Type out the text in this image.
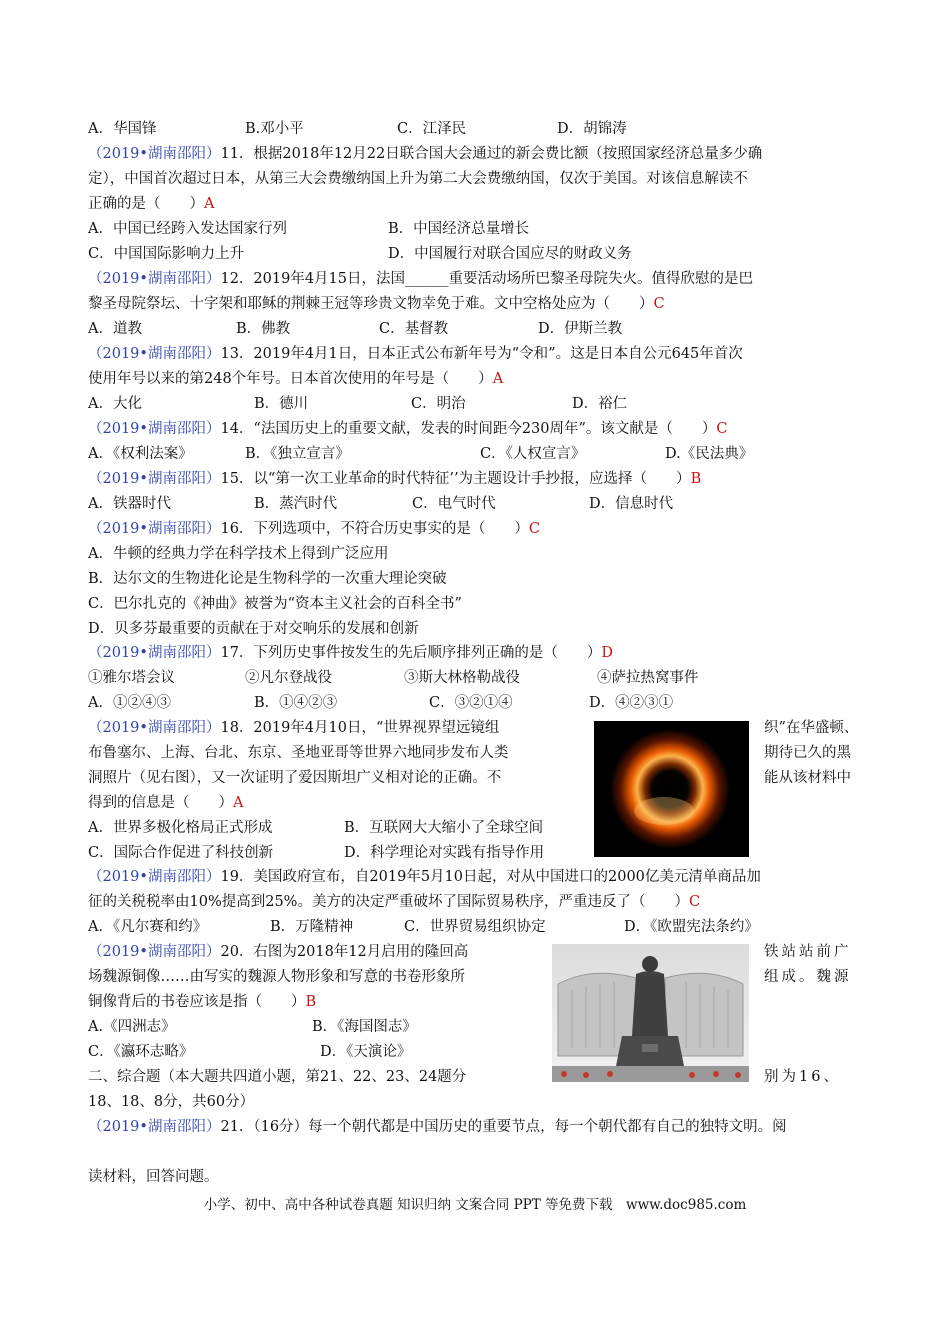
A．华国锋	B.邓小平	C．江泽民	D．胡锦涛
（2019•湖南邵阳）11．根据2018年12月22日联合国大会通过的新会费比额（按照国家经济总量多少确
定），中国首次超过日本，从第三大会费缴纳国上升为第二大会费缴纳国，仅次于美国。对该信息解读不
正确的是（　　）A
A．中国已经跨入发达国家行列	B．中国经济总量增长
C．中国国际影响力上升	D．中国履行对联合国应尽的财政义务
（2019•湖南邵阳）12．2019年4月15日，法国______重要活动场所巴黎圣母院失火。值得欣慰的是巴
黎圣母院祭坛、十字架和耶稣的荆棘王冠等珍贵文物幸免于难。文中空格处应为（　　）C
A．道教	B．佛教	C．基督教	D．伊斯兰教
（2019•湖南邵阳）13．2019年4月1日，日本正式公布新年号为“令和”。这是日本自公元645年首次
使用年号以来的第248个年号。日本首次使用的年号是（　　）A
A．大化	B．德川	C．明治	D．裕仁
（2019•湖南邵阳）14．“法国历史上的重要文献，发表的时间距今230周年”。该文献是（　　）C
A．《权利法案》	B．《独立宣言》	C．《人权宣言》	D.《民法典》
（2019•湖南邵阳）15．以“第一次工业革命的时代特征’’为主题设计手抄报，应选择（　　）B
A．铁器时代	B．蒸汽时代	C．电气时代	D．信息时代
（2019•湖南邵阳）16．下列选项中，不符合历史事实的是（　　）C
A．牛顿的经典力学在科学技术上得到广泛应用
B．达尔文的生物进化论是生物科学的一次重大理论突破
C．巴尔扎克的《神曲》被誉为“资本主义社会的百科全书”
D．贝多芬最重要的贡献在于对交响乐的发展和创新
（2019•湖南邵阳）17．下列历史事件按发生的先后顺序排列正确的是（　　）D
①雅尔塔会议	②凡尔登战役	③斯大林格勒战役	④萨拉热窝事件
A．①②④③	B．①④②③	C．③②①④	D．④②③①
（2019•湖南邵阳）18．2019年4月10日，“世界视界望远镜组	织”在华盛顿、
布鲁塞尔、上海、台北、东京、圣地亚哥等世界六地同步发布人类	期待已久的黑
洞照片（见右图），又一次证明了爱因斯坦广义相对论的正确。不	能从该材料中
得到的信息是（　　）A
A．世界多极化格局正式形成	B．互联网大大缩小了全球空间
C．国际合作促进了科技创新	D．科学理论对实践有指导作用
（2019•湖南邵阳）19．美国政府宣布，自2019年5月10日起，对从中国进口的2000亿美元清单商品加
征的关税税率由10%提高到25%。美方的决定严重破坏了国际贸易秩序，严重违反了（　　）C
A．《凡尔赛和约》	B．万隆精神	C．世界贸易组织协定	D．《欧盟宪法条约》
（2019•湖南邵阳）20．右图为2018年12月启用的隆回高	铁站站前广
场魏源铜像……由写实的魏源人物形象和写意的书卷形象所	组成。魏源
铜像背后的书卷应该是指（　　）B
A.《四洲志》	B．《海国图志》
C．《瀛环志略》	D．《天演论》
二、综合题（本大题共四道小题，第21、22、23、24题分	别为16、
18、18、8分，共60分）
（2019•湖南邵阳）21．（16分）每一个朝代都是中国历史的重要节点，每一个朝代都有自己的独特文明。阅
读材料，回答问题。
小学、初中、高中各种试卷真题 知识归纳 文案合同 PPT 等免费下载　www.doc985.com
